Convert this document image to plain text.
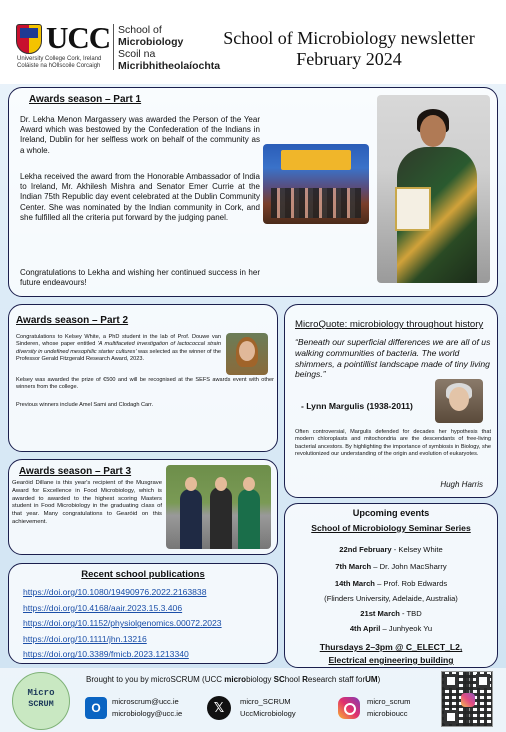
UCC
University College Cork, Ireland
Coláiste na hOllscoile Corcaigh
School of
Microbiology
Scoil na
Micribhitheolaíochta
School of Microbiology newsletter
February 2024
Awards season – Part 1
Dr. Lekha Menon Margassery was awarded the Person of the Year Award which was bestowed by the Confederation of the Indians in Ireland, Dublin for her selfless work on behalf of the community as a whole.
Lekha received the award from the Honorable Ambassador of India to Ireland, Mr. Akhilesh Mishra and Senator Emer Currie at the Indian 75th Republic day event celebrated at the Dublin Community Center. She was nominated by the Indian community in Cork, and she fulfilled all the criteria put forward by the judging panel.
Congratulations to Lekha and wishing her continued success in her future endeavours!
Awards season – Part 2
Congratulations to Kelsey White, a PhD student in the lab of Prof. Douwe van Sinderen, whose paper entitled 'A multifaceted investigation of lactococcal strain diversity in undefined mesophilic starter cultures' was selected as the winner of the Professor Gerald Fitzgerald Research Award, 2023.
Kelsey was awarded the prize of €500 and will be recognised at the SEFS awards event with other winners from the college.
Previous winners include Amel Sami and Clodagh Carr.
MicroQuote: microbiology throughout history
“Beneath our superficial differences we are all of us walking communities of bacteria. The world shimmers, a pointillist landscape made of tiny living beings.”
- Lynn Margulis (1938-2011)
Often controversial, Margulis defended for decades her hypothesis that modern chloroplasts and mitochondria are the descendants of free-living bacterial ancestors. By highlighting the importance of symbiosis in Biology, she revolutionized our understanding of the origin and evolution of eukaryotes.
Hugh Harris
Awards season – Part 3
Gearóid Dillane is this year's recipient of the Musgrave Award for Excellence in Food Microbiology, which is awarded to awarded to the highest scoring Masters student in Food Microbiology in the graduating class of that year. Many congratulations to Gearóid on this achievement.
Recent school publications
https://doi.org/10.1080/19490976.2022.2163838
https://doi.org/10.4168/aair.2023.15.3.406
https://doi.org/10.1152/physiolgenomics.00072.2023
https://doi.org/10.1111/jhn.13216
https://doi.org/10.3389/fmicb.2023.1213340
Upcoming events
School of Microbiology Seminar Series
22nd February - Kelsey White
7th March – Dr. John MacSharry
14th March – Prof. Rob Edwards
(Flinders University, Adelaide, Australia)
21st March - TBD
4th April – Junhyeok Yu
Thursdays 2–3pm @ C_ELECT_L2,
Electrical engineering building
Micro
SCRUM
Brought to you by microSCRUM (UCC microbiology SChool Research staff forUM)
O	microscrum@ucc.ie
microbiology@ucc.ie	𝕏	micro_SCRUM
UccMicrobiology
micro_scrum
microbioucc
